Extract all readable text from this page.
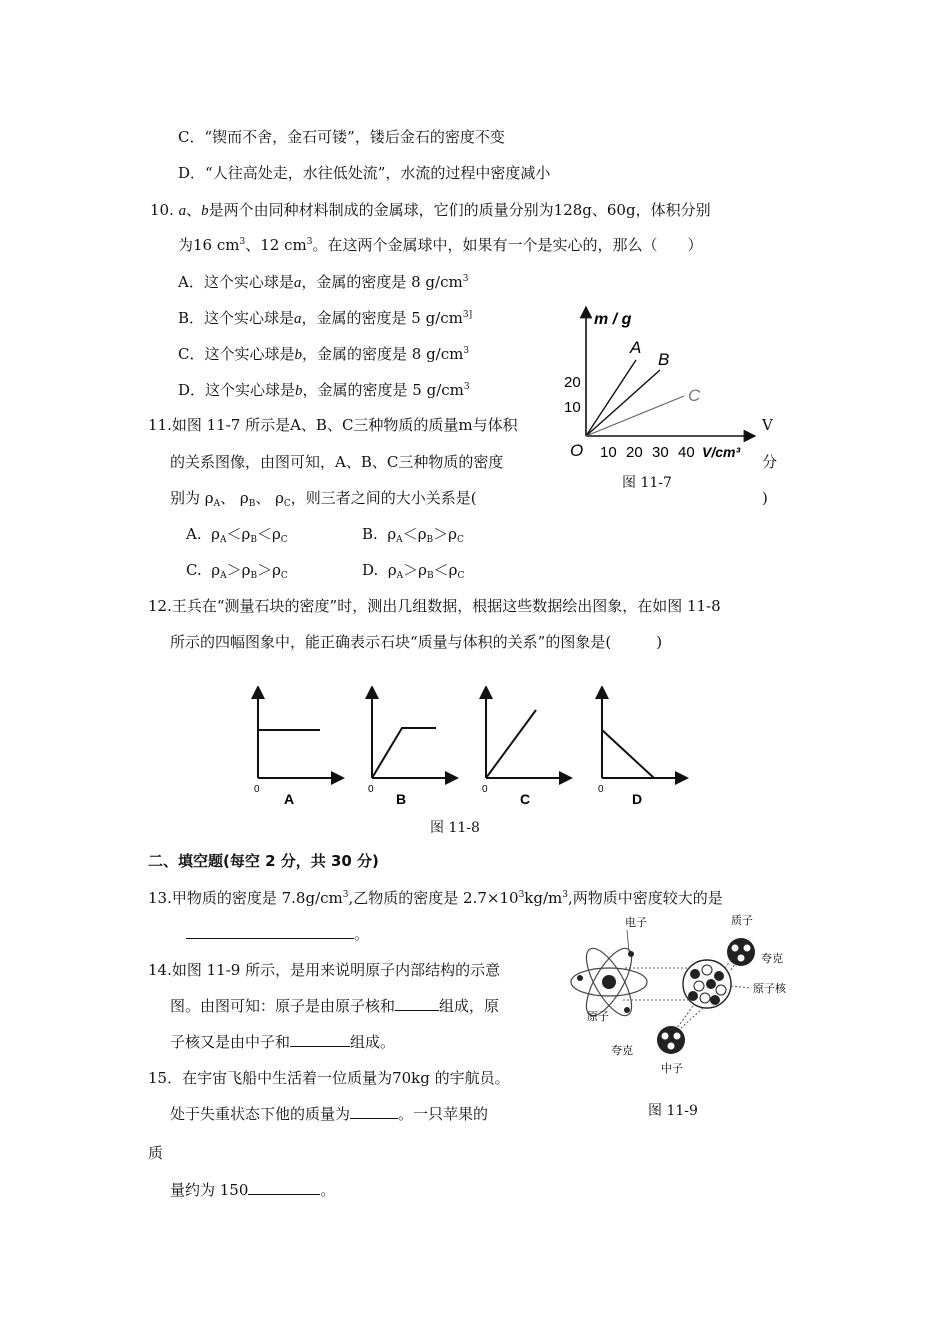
C．“锲而不舍，金石可镂”，镂后金石的密度不变
D．“人往高处走，水往低处流”，水流的过程中密度减小
10. a、b是两个由同种材料制成的金属球，它们的质量分别为128g、60g，体积分别
为16 $cm^3$、12 $cm^3$。在这两个金属球中，如果有一个是实心的，那么（　　）
A．这个实心球是a，金属的密度是 8 $g/cm^3$
B．这个实心球是a，金属的密度是 5 $g/cm^{3]}$
C．这个实心球是b，金属的密度是 8 $g/cm^3$
D．这个实心球是b，金属的密度是 5 $g/cm^3$
m / g
20
10
O 10 20 30 40 V/cm³
A
B
C
图 11-7
11.如图 11-7 所示是A、B、C三种物质的质量m与体积	V
的关系图像，由图可知，A、B、C三种物质的密度	分
别为 $\rho_A$、 $\rho_B$、 $\rho_C$，则三者之间的大小关系是(	)
A. $\rho_A<\rho_B<\rho_C$	B. $\rho_A<\rho_B>\rho_C$
C. $\rho_A>\rho_B>\rho_C$	D. $\rho_A>\rho_B<\rho_C$
12.王兵在“测量石块的密度”时，测出几组数据，根据这些数据绘出图象，在如图 11-8
所示的四幅图象中，能正确表示石块“质量与体积的关系”的图象是(　　　)
0
A
0
B
0
C
0
D
图 11-8
二、填空题(每空 2 分，共 30 分)
13.甲物质的密度是 $7.8g/cm^3$,乙物质的密度是 $2.7\times 10^3kg/m^3$,两物质中密度较大的是
。
14.如图 11-9 所示，是用来说明原子内部结构的示意
图。由图可知：原子是由原子核和	组成，原
子核又是由中子和	组成。
电子	质子
夸克
原子核
原子
夸克
中子
图 11-9
15．在宇宙飞船中生活着一位质量为70kg 的宇航员。
处于失重状态下他的质量为	。一只苹果的
质
量约为 150	。
